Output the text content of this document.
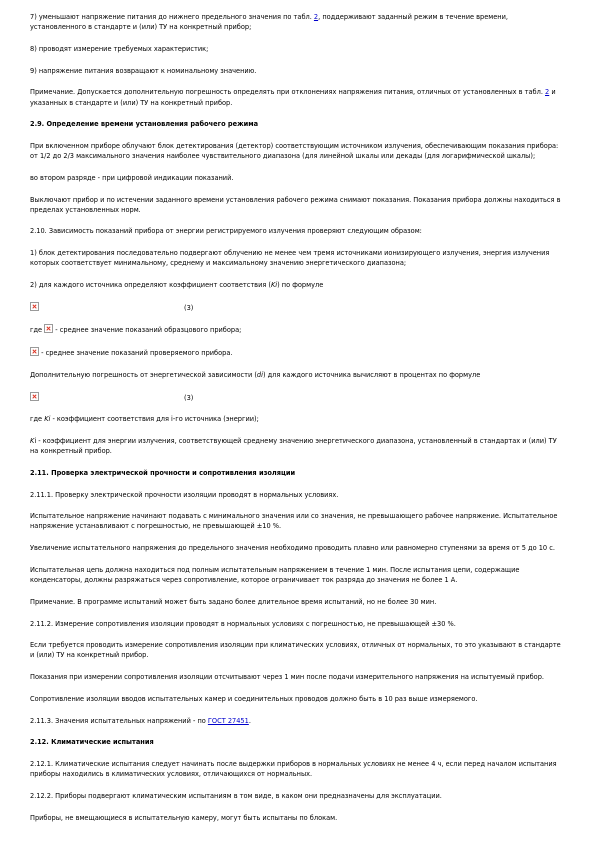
7) уменьшают напряжение питания до нижнего предельного значения по табл. 2, поддерживают заданный режим в течение времени, установленного в стандарте и (или) ТУ на конкретный прибор;
8) проводят измерение требуемых характеристик;
9) напряжение питания возвращают к номинальному значению.
Примечание. Допускается дополнительную погрешность определять при отклонениях напряжения питания, отличных от установленных в табл. 2 и указанных в стандарте и (или) ТУ на конкретный прибор.
2.9. Определение времени установления рабочего режима
При включенном приборе облучают блок детектирования (детектор) соответствующим источником излучения, обеспечивающим показания прибора: от 1/2 до 2/3 максимального значения наиболее чувствительного диапазона (для линейной шкалы или декады (для логарифмической шкалы);
во втором разряде - при цифровой индикации показаний.
Выключают прибор и по истечении заданного времени установления рабочего режима снимают показания. Показания прибора должны находиться в пределах установленных норм.
2.10. Зависимость показаний прибора от энергии регистрируемого излучения проверяют следующим образом:
1) блок детектирования последовательно подвергают облучению не менее чем тремя источниками ионизирующего излучения, энергия излучения которых соответствует минимальному, среднему и максимальному значению энергетического диапазона;
2) для каждого источника определяют коэффициент соответствия (Ki) по формуле
(3)
где  - среднее значение показаний образцового прибора;
- среднее значение показаний проверяемого прибора.
Дополнительную погрешность от энергетической зависимости (di) для каждого источника вычисляют в процентах по формуле
(3)
где Ki - коэффициент соответствия для i-го источника (энергии);
Ki - коэффициент для энергии излучения, соответствующей среднему значению энергетического диапазона, установленный в стандартах и (или) ТУ на конкретный прибор.
2.11. Проверка электрической прочности и сопротивления изоляции
2.11.1. Проверку электрической прочности изоляции проводят в нормальных условиях.
Испытательное напряжение начинают подавать с минимального значения или со значения, не превышающего рабочее напряжение. Испытательное напряжение устанавливают с погрешностью, не превышающей ±10 %.
Увеличение испытательного напряжения до предельного значения необходимо проводить плавно или равномерно ступенями за время от 5 до 10 с.
Испытательная цепь должна находиться под полным испытательным напряжением в течение 1 мин. После испытания цепи, содержащие конденсаторы, должны разряжаться через сопротивление, которое ограничивает ток разряда до значения не более 1 А.
Примечание. В программе испытаний может быть задано более длительное время испытаний, но не более 30 мин.
2.11.2. Измерение сопротивления изоляции проводят в нормальных условиях с погрешностью, не превышающей ±30 %.
Если требуется проводить измерение сопротивления изоляции при климатических условиях, отличных от нормальных, то это указывают в стандарте и (или) ТУ на конкретный прибор.
Показания при измерении сопротивления изоляции отсчитывают через 1 мин после подачи измерительного напряжения на испытуемый прибор.
Сопротивление изоляции вводов испытательных камер и соединительных проводов должно быть в 10 раз выше измеряемого.
2.11.3. Значения испытательных напряжений - по ГОСТ 27451.
2.12. Климатические испытания
2.12.1. Климатические испытания следует начинать после выдержки приборов в нормальных условиях не менее 4 ч, если перед началом испытания приборы находились в климатических условиях, отличающихся от нормальных.
2.12.2. Приборы подвергают климатическим испытаниям в том виде, в каком они предназначены для эксплуатации.
Приборы, не вмещающиеся в испытательную камеру, могут быть испытаны по блокам.
